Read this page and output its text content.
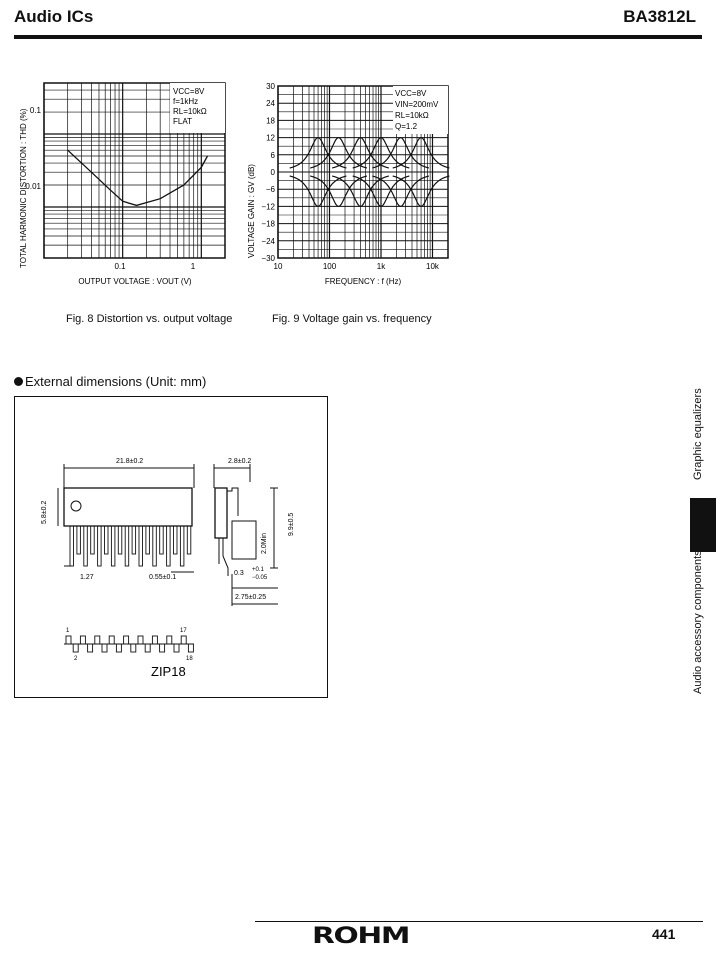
Audio ICs	BA3812L
TOTAL HARMONIC DISTORTION : THD (%)
VCC=8V
f=1kHz
RL=10kΩ
FLAT
0.1
0.01
0.1	1
OUTPUT VOLTAGE : VOUT (V)
Fig. 8 Distortion vs. output voltage
VOLTAGE GAIN : GV (dB)
VCC=8V
VIN=200mV
RL=10kΩ
Q=1.2
30
24
18
12
6
0
−6
−12
−18
−24
−30
10	100	1k	10k
FREQUENCY : f (Hz)
Fig. 9 Voltage gain vs. frequency
External dimensions (Unit: mm)
21.8±0.2
5.8±0.2
1.27	0.55±0.1
2.8±0.2
9.9±0.5
2.0Min
0.3 +0.1
−0.05
2.75±0.25
1	17
2	18
ZIP18
Graphic equalizers
Audio accessory components
ROHM	441
